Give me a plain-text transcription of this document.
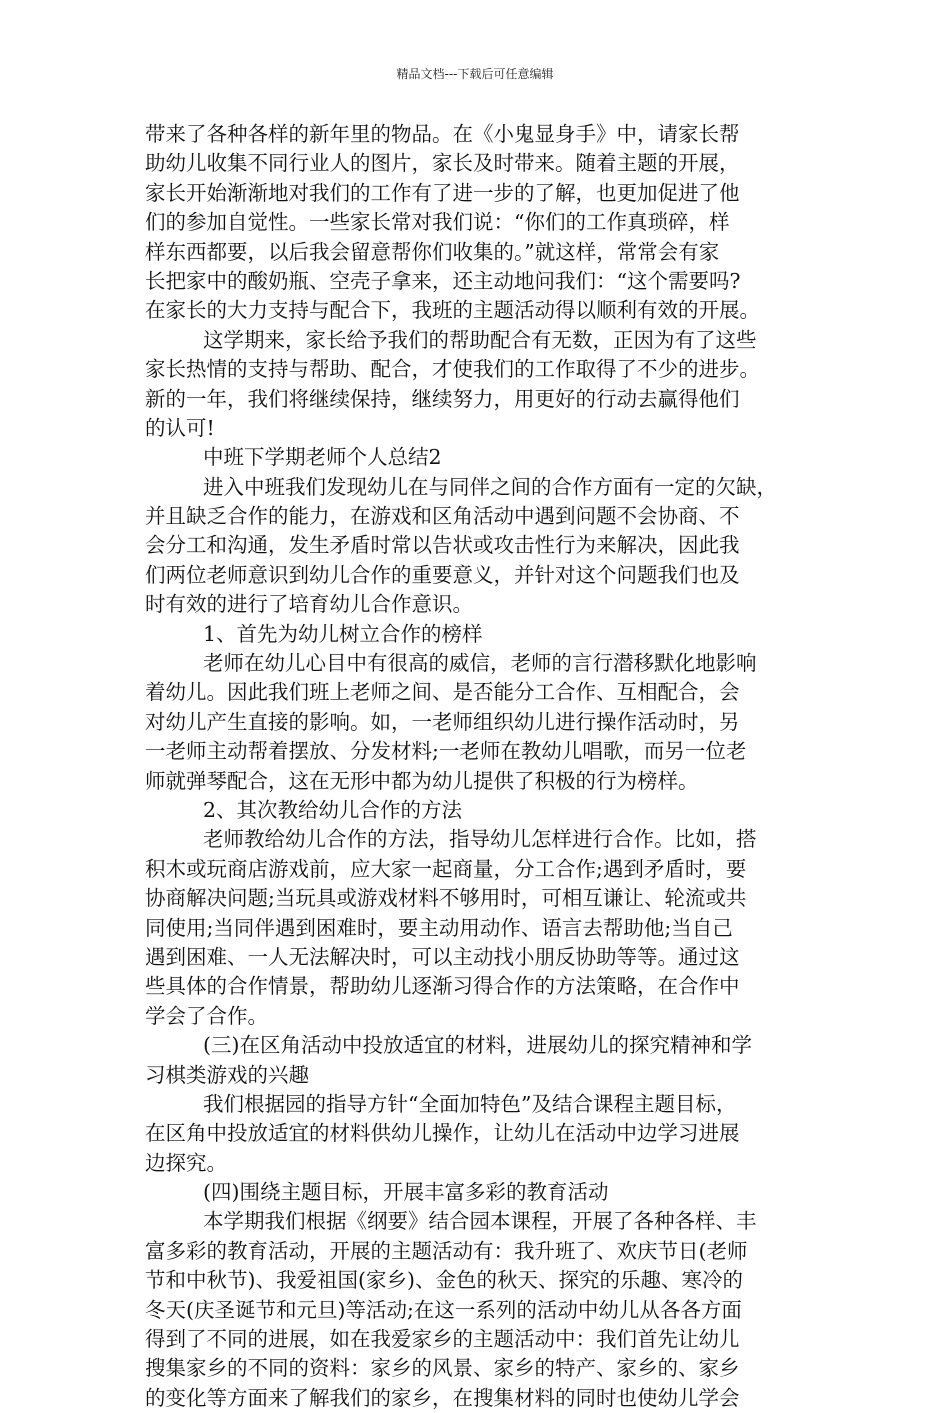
精品文档---下载后可任意编辑
带来了各种各样的新年里的物品。在《小鬼显身手》中，请家长帮
助幼儿收集不同行业人的图片，家长及时带来。随着主题的开展，
家长开始渐渐地对我们的工作有了进一步的了解，也更加促进了他
们的参加自觉性。一些家长常对我们说：“你们的工作真琐碎，样
样东西都要，以后我会留意帮你们收集的。”就这样，常常会有家
长把家中的酸奶瓶、空壳子拿来，还主动地问我们：“这个需要吗?
在家长的大力支持与配合下，我班的主题活动得以顺利有效的开展。
这学期来，家长给予我们的帮助配合有无数，正因为有了这些
家长热情的支持与帮助、配合，才使我们的工作取得了不少的进步。
新的一年，我们将继续保持，继续努力，用更好的行动去赢得他们
的认可!
中班下学期老师个人总结2
进入中班我们发现幼儿在与同伴之间的合作方面有一定的欠缺，
并且缺乏合作的能力，在游戏和区角活动中遇到问题不会协商、不
会分工和沟通，发生矛盾时常以告状或攻击性行为来解决，因此我
们两位老师意识到幼儿合作的重要意义，并针对这个问题我们也及
时有效的进行了培育幼儿合作意识。
1、首先为幼儿树立合作的榜样
老师在幼儿心目中有很高的威信，老师的言行潜移默化地影响
着幼儿。因此我们班上老师之间、是否能分工合作、互相配合，会
对幼儿产生直接的影响。如，一老师组织幼儿进行操作活动时，另
一老师主动帮着摆放、分发材料;一老师在教幼儿唱歌，而另一位老
师就弹琴配合，这在无形中都为幼儿提供了积极的行为榜样。
2、其次教给幼儿合作的方法
老师教给幼儿合作的方法，指导幼儿怎样进行合作。比如，搭
积木或玩商店游戏前，应大家一起商量，分工合作;遇到矛盾时，要
协商解决问题;当玩具或游戏材料不够用时，可相互谦让、轮流或共
同使用;当同伴遇到困难时，要主动用动作、语言去帮助他;当自己
遇到困难、一人无法解决时，可以主动找小朋反协助等等。通过这
些具体的合作情景，帮助幼儿逐渐习得合作的方法策略，在合作中
学会了合作。
(三)在区角活动中投放适宜的材料，进展幼儿的探究精神和学
习棋类游戏的兴趣
我们根据园的指导方针“全面加特色”及结合课程主题目标，
在区角中投放适宜的材料供幼儿操作，让幼儿在活动中边学习进展
边探究。
(四)围绕主题目标，开展丰富多彩的教育活动
本学期我们根据《纲要》结合园本课程，开展了各种各样、丰
富多彩的教育活动，开展的主题活动有：我升班了、欢庆节日(老师
节和中秋节)、我爱祖国(家乡)、金色的秋天、探究的乐趣、寒冷的
冬天(庆圣诞节和元旦)等活动;在这一系列的活动中幼儿从各各方面
得到了不同的进展，如在我爱家乡的主题活动中：我们首先让幼儿
搜集家乡的不同的资料：家乡的风景、家乡的特产、家乡的、家乡
的变化等方面来了解我们的家乡，在搜集材料的同时也使幼儿学会
